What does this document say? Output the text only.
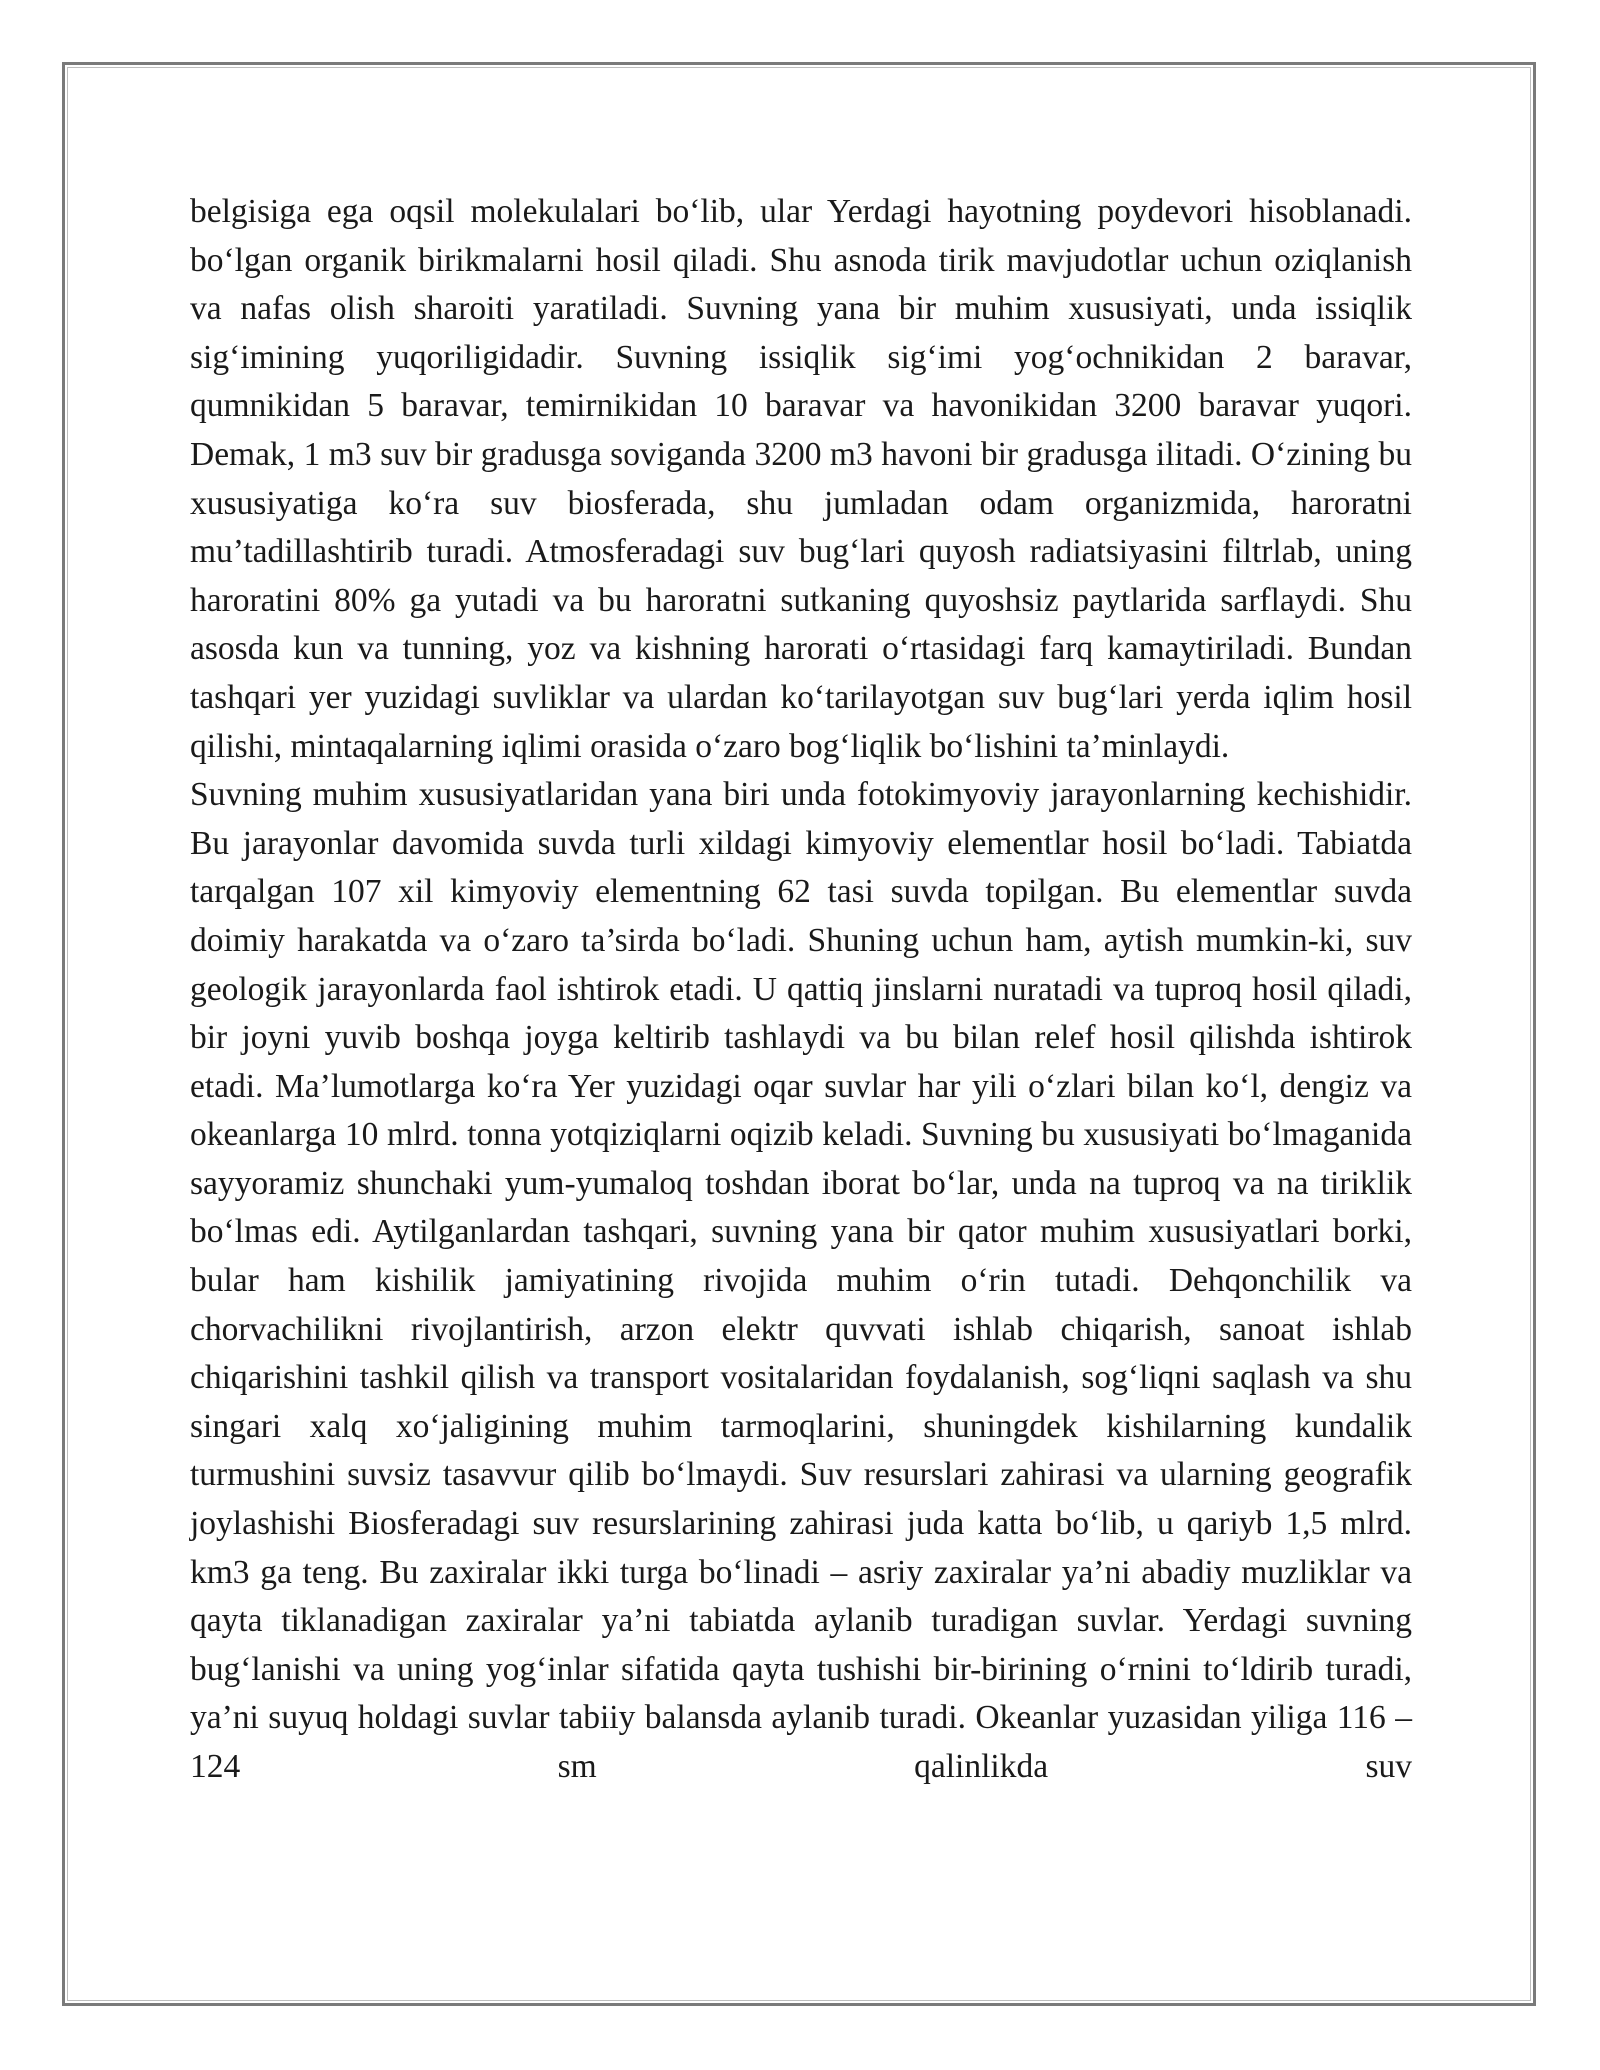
belgisiga ega oqsil molekulalari bo‘lib, ular Yerdagi hayotning poydevori hisoblanadi. bo‘lgan organik birikmalarni hosil qiladi. Shu asnoda tirik mavjudotlar uchun oziqlanish va nafas olish sharoiti yaratiladi. Suvning yana bir muhim xususiyati, unda issiqlik sig‘imining yuqoriligidadir. Suvning issiqlik sig‘imi yog‘ochnikidan 2 baravar, qumnikidan 5 baravar, temirnikidan 10 baravar va havonikidan 3200 baravar yuqori. Demak, 1 m3 suv bir gradusga soviganda 3200 m3 havoni bir gradusga ilitadi. O‘zining bu xususiyatiga ko‘ra suv biosferada, shu jumladan odam organizmida, haroratni mu’tadillashtirib turadi. Atmosferadagi suv bug‘lari quyosh radiatsiyasini filtrlab, uning haroratini 80% ga yutadi va bu haroratni sutkaning quyoshsiz paytlarida sarflaydi. Shu asosda kun va tunning, yoz va kishning harorati o‘rtasidagi farq kamaytiriladi. Bundan tashqari yer yuzidagi suvliklar va ulardan ko‘tarilayotgan suv bug‘lari yerda iqlim hosil qilishi, mintaqalarning iqlimi orasida o‘zaro bog‘liqlik bo‘lishini ta’minlaydi.

Suvning muhim xususiyatlaridan yana biri unda fotokimyoviy jarayonlarning kechishidir. Bu jarayonlar davomida suvda turli xildagi kimyoviy elementlar hosil bo‘ladi. Tabiatda tarqalgan 107 xil kimyoviy elementning 62 tasi suvda topilgan. Bu elementlar suvda doimiy harakatda va o‘zaro ta’sirda bo‘ladi. Shuning uchun ham, aytish mumkin-ki, suv geologik jarayonlarda faol ishtirok etadi. U qattiq jinslarni nuratadi va tuproq hosil qiladi, bir joyni yuvib boshqa joyga keltirib tashlaydi va bu bilan relef hosil qilishda ishtirok etadi. Ma’lumotlarga ko‘ra Yer yuzidagi oqar suvlar har yili o‘zlari bilan ko‘l, dengiz va okeanlarga 10 mlrd. tonna yotqiziqlarni oqizib keladi. Suvning bu xususiyati bo‘lmaganida sayyoramiz shunchaki yum-yumaloq toshdan iborat bo‘lar, unda na tuproq va na tiriklik bo‘lmas edi. Aytilganlardan tashqari, suvning yana bir qator muhim xususiyatlari borki, bular ham kishilik jamiyatining rivojida muhim o‘rin tutadi. Dehqonchilik va chorvachilikni rivojlantirish, arzon elektr quvvati ishlab chiqarish, sanoat ishlab chiqarishini tashkil qilish va transport vositalaridan foydalanish, sog‘liqni saqlash va shu singari xalq xo‘jaligining muhim tarmoqlarini, shuningdek kishilarning kundalik turmushini suvsiz tasavvur qilib bo‘lmaydi. Suv resurslari zahirasi va ularning geografik joylashishi Biosferadagi suv resurslarining zahirasi juda katta bo‘lib, u qariyb 1,5 mlrd. km3 ga teng. Bu zaxiralar ikki turga bo‘linadi – asriy zaxiralar ya’ni abadiy muzliklar va qayta tiklanadigan zaxiralar ya’ni tabiatda aylanib turadigan suvlar. Yerdagi suvning bug‘lanishi va uning yog‘inlar sifatida qayta tushishi bir-birining o‘rnini to‘ldirib turadi, ya’ni suyuq holdagi suvlar tabiiy balansda aylanib turadi. Okeanlar yuzasidan yiliga 116 – 124 sm qalinlikda suv
